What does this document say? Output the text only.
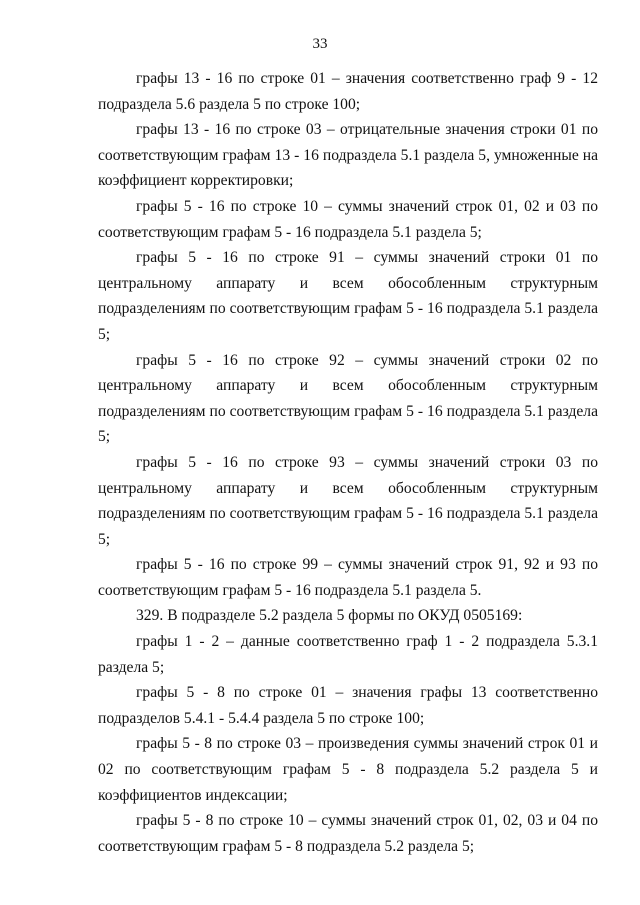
33

графы 13 - 16 по строке 01 – значения соответственно граф 9 - 12 подраздела 5.6 раздела 5 по строке 100;

графы 13 - 16 по строке 03 – отрицательные значения строки 01 по соответствующим графам 13 - 16 подраздела 5.1 раздела 5, умноженные на коэффициент корректировки;

графы 5 - 16 по строке 10 – суммы значений строк 01, 02 и 03 по соответствующим графам 5 - 16 подраздела 5.1 раздела 5;

графы 5 - 16 по строке 91 – суммы значений строки 01 по центральному аппарату и всем обособленным структурным подразделениям по соответствующим графам 5 - 16 подраздела 5.1 раздела 5;

графы 5 - 16 по строке 92 – суммы значений строки 02 по центральному аппарату и всем обособленным структурным подразделениям по соответствующим графам 5 - 16 подраздела 5.1 раздела 5;

графы 5 - 16 по строке 93 – суммы значений строки 03 по центральному аппарату и всем обособленным структурным подразделениям по соответствующим графам 5 - 16 подраздела 5.1 раздела 5;

графы 5 - 16 по строке 99 – суммы значений строк 91, 92 и 93 по соответствующим графам 5 - 16 подраздела 5.1 раздела 5.

329. В подразделе 5.2 раздела 5 формы по ОКУД 0505169:

графы 1 - 2 – данные соответственно граф 1 - 2 подраздела 5.3.1 раздела 5;

графы 5 - 8 по строке 01 – значения графы 13 соответственно подразделов 5.4.1 - 5.4.4 раздела 5 по строке 100;

графы 5 - 8 по строке 03 – произведения суммы значений строк 01 и 02 по соответствующим графам 5 - 8 подраздела 5.2 раздела 5 и коэффициентов индексации;

графы 5 - 8 по строке 10 – суммы значений строк 01, 02, 03 и 04 по соответствующим графам 5 - 8 подраздела 5.2 раздела 5;
